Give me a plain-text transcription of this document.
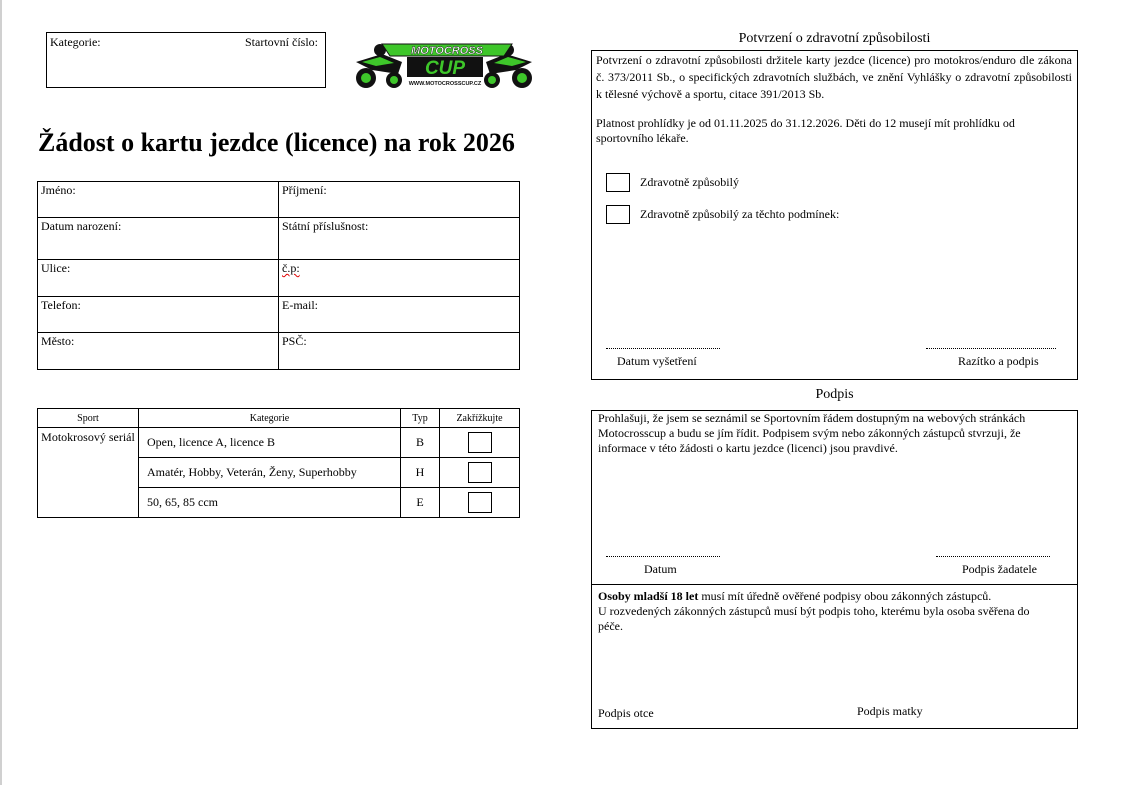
Kategorie:	Startovní číslo:
MOTOCROSS
CUP
WWW.MOTOCROSSCUP.CZ
Žádost o kartu jezdce (licence) na rok 2026
Jméno:	Příjmení:
Datum narození:	Státní příslušnost:
Ulice:	č.p:
Telefon:	E-mail:
Město:	PSČ:
Sport	Kategorie	Typ	Zakřížkujte
Motokrosový seriál	Open, licence A, licence B	B	
	Amatér, Hobby, Veterán, Ženy, Superhobby	H	
	50, 65, 85 ccm	E	
Potvrzení o zdravotní způsobilosti
Potvrzení o zdravotní způsobilosti držitele karty jezdce (licence) pro motokros/enduro dle zákona č. 373/2011 Sb., o specifických zdravotních službách, ve znění Vyhlášky o zdravotní způsobilosti k tělesné výchově a sportu, citace 391/2013 Sb.
Platnost prohlídky je od 01.11.2025 do 31.12.2026. Děti do 12 musejí mít prohlídku od sportovního lékaře.
Zdravotně způsobilý
Zdravotně způsobilý za těchto podmínek:
Datum vyšetření	Razítko a podpis
Podpis
Prohlašuji, že jsem se seznámil se Sportovním řádem dostupným na webových stránkách Motocrosscup a budu se jím řídit. Podpisem svým nebo zákonných zástupců stvrzuji, že informace v této žádosti o kartu jezdce (licenci) jsou pravdivé.
Datum	Podpis žadatele
Osoby mladší 18 let musí mít úředně ověřené podpisy obou zákonných zástupců.
U rozvedených zákonných zástupců musí být podpis toho, kterému byla osoba svěřena do péče.
Podpis otce	Podpis matky
